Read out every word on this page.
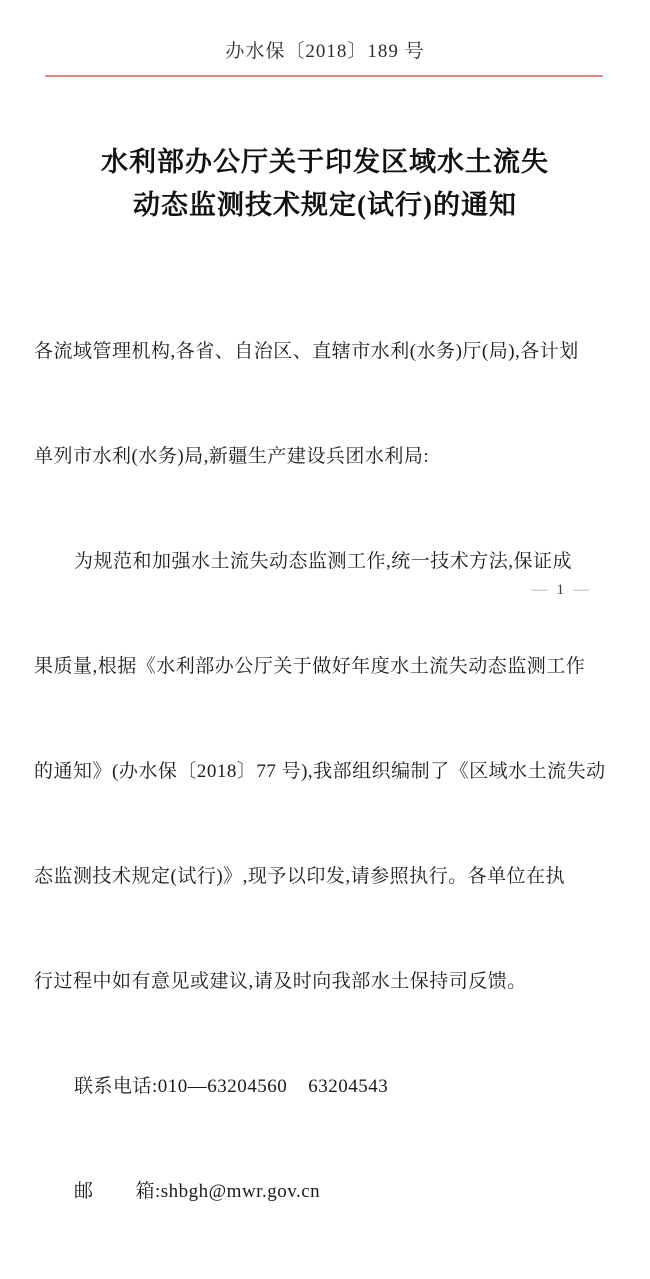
办水保〔2018〕189 号
水利部办公厅关于印发区域水土流失
动态监测技术规定(试行)的通知

各流域管理机构,各省、自治区、直辖市水利(水务)厅(局),各计划

单列市水利(水务)局,新疆生产建设兵团水利局:

为规范和加强水土流失动态监测工作,统一技术方法,保证成

果质量,根据《水利部办公厅关于做好年度水土流失动态监测工作

的通知》(办水保〔2018〕77 号),我部组织编制了《区域水土流失动

态监测技术规定(试行)》,现予以印发,请参照执行。各单位在执

行过程中如有意见或建议,请及时向我部水土保持司反馈。

联系电话:010—63204560    63204543

邮 箱 :shbgh@mwr.gov.cn

— 1 —
